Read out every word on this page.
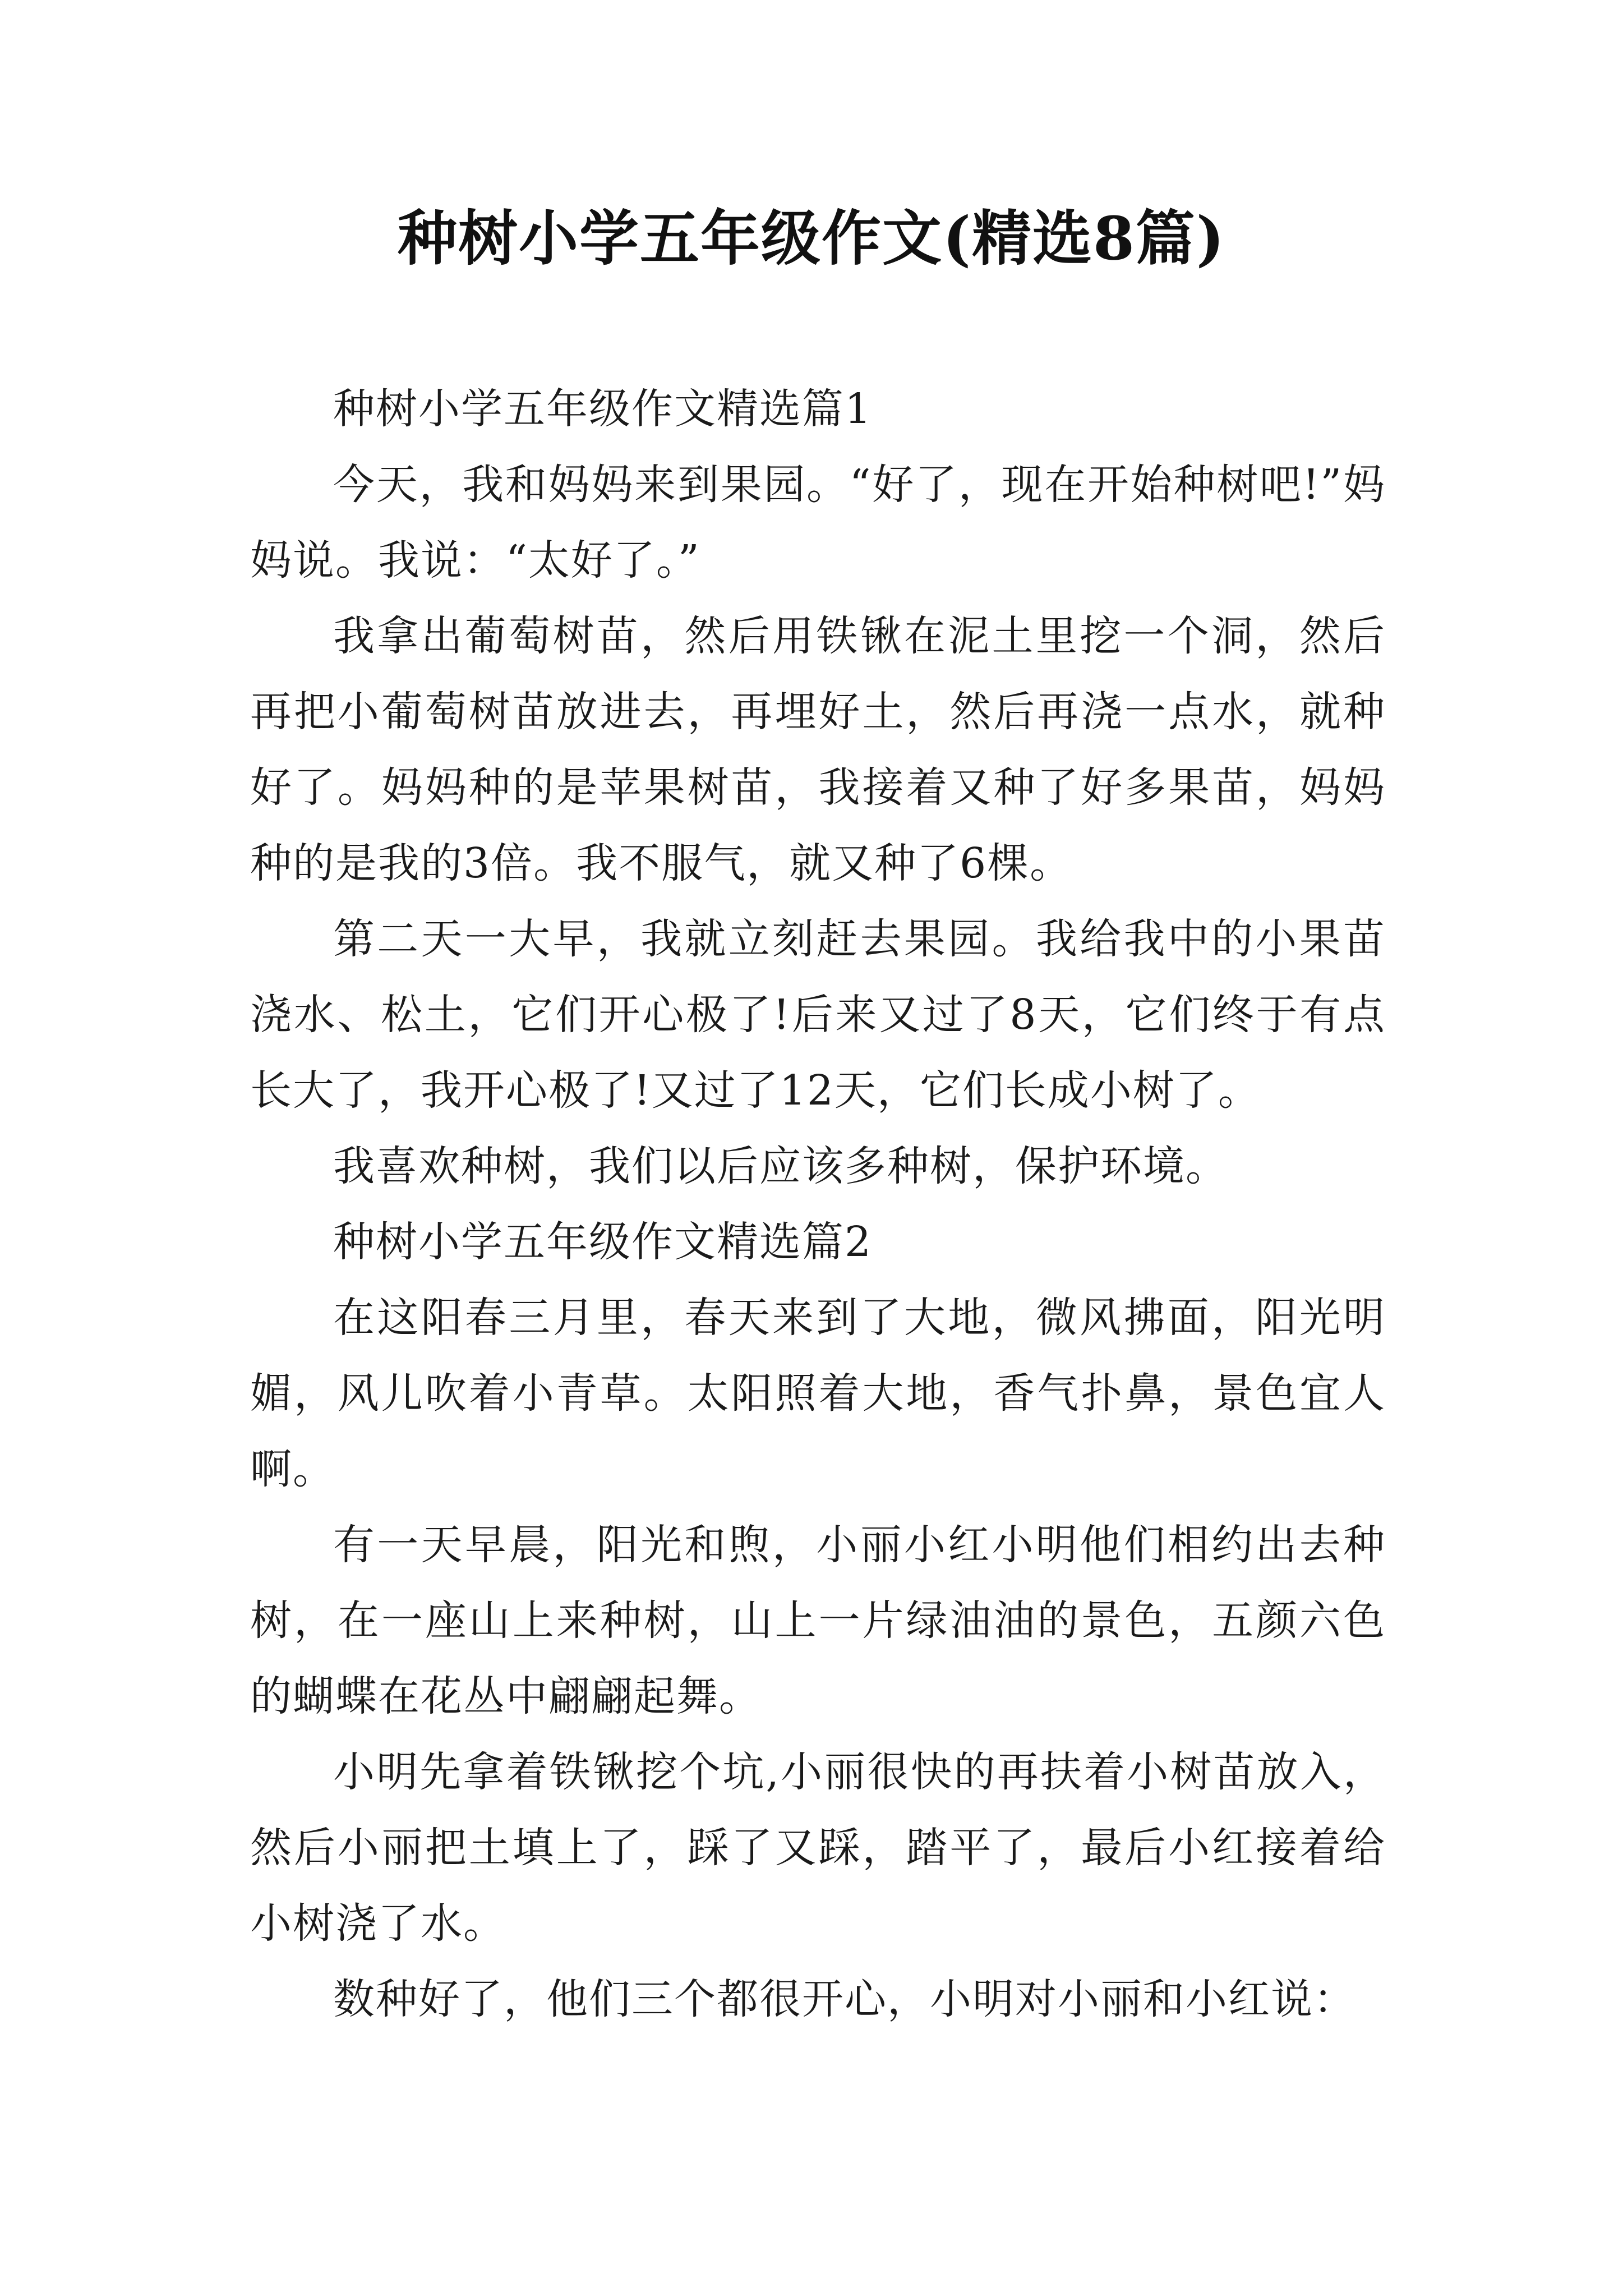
种树小学五年级作文(精选8篇)

种树小学五年级作文精选篇1

今天，我和妈妈来到果园。“好了，现在开始种树吧!”妈妈说。我说：“太好了。”

我拿出葡萄树苗，然后用铁锹在泥土里挖一个洞，然后再把小葡萄树苗放进去，再埋好土，然后再浇一点水，就种好了。妈妈种的是苹果树苗，我接着又种了好多果苗，妈妈种的是我的3倍。我不服气，就又种了6棵。

第二天一大早，我就立刻赶去果园。我给我中的小果苗浇水、松土，它们开心极了!后来又过了8天，它们终于有点长大了，我开心极了!又过了12天，它们长成小树了。

我喜欢种树，我们以后应该多种树，保护环境。

种树小学五年级作文精选篇2

在这阳春三月里，春天来到了大地，微风拂面，阳光明媚，风儿吹着小青草。太阳照着大地，香气扑鼻，景色宜人啊。

有一天早晨，阳光和煦，小丽小红小明他们相约出去种树，在一座山上来种树，山上一片绿油油的景色，五颜六色的蝴蝶在花丛中翩翩起舞。

小明先拿着铁锹挖个坑,小丽很快的再扶着小树苗放入，然后小丽把土填上了，踩了又踩，踏平了，最后小红接着给小树浇了水。

数种好了，他们三个都很开心，小明对小丽和小红说：
